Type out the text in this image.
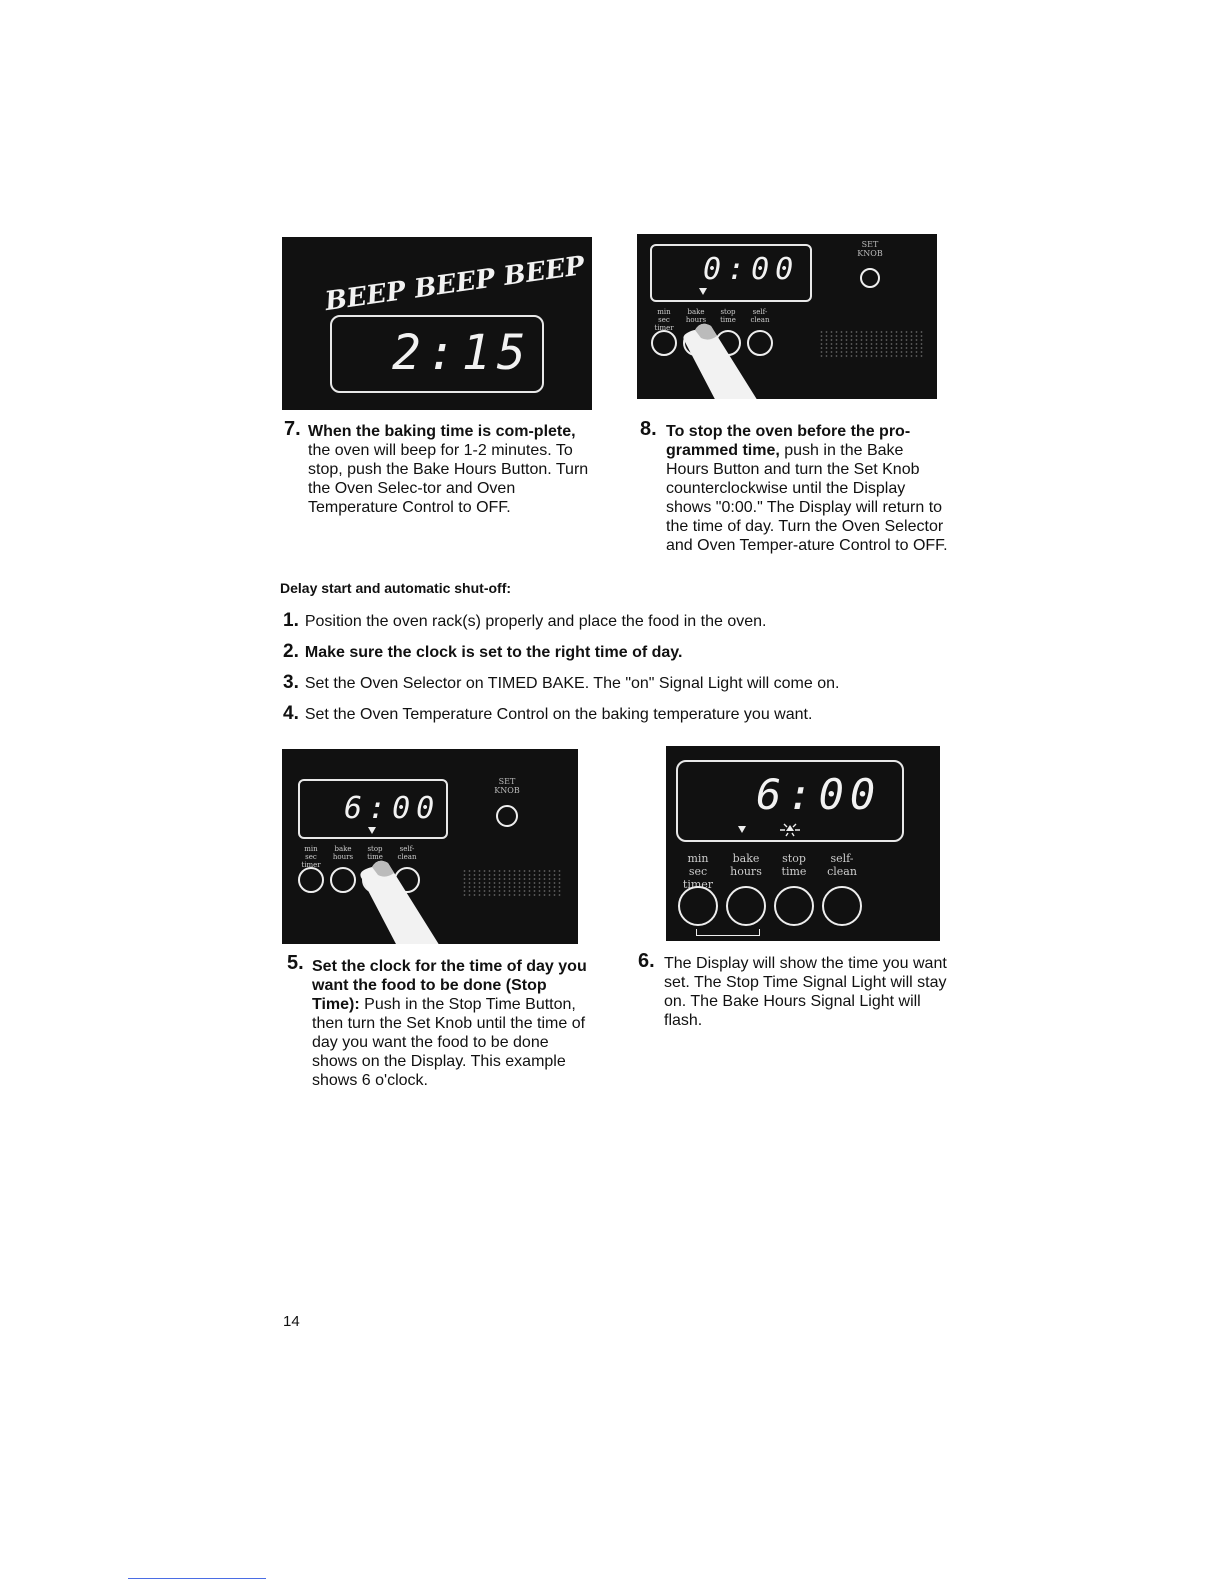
BEEP BEEP BEEP
2:15
0:00
SET KNOB
min sec timer
bake hours
stop time
self-clean
7. When the baking time is com-plete, the oven will beep for 1-2 minutes. To stop, push the Bake Hours Button. Turn the Oven Selec-tor and Oven Temperature Control to OFF.
8. To stop the oven before the pro-grammed time, push in the Bake Hours Button and turn the Set Knob counterclockwise until the Display shows "0:00." The Display will return to the time of day. Turn the Oven Selector and Oven Temper-ature Control to OFF.
Delay start and automatic shut-off:
1. Position the oven rack(s) properly and place the food in the oven.
2. Make sure the clock is set to the right time of day.
3. Set the Oven Selector on TIMED BAKE. The "on" Signal Light will come on.
4. Set the Oven Temperature Control on the baking temperature you want.
6:00
SET KNOB
min sec timer
bake hours
stop time
self-clean
6:00
min sec timer
bake hours
stop time
self-clean
5. Set the clock for the time of day you want the food to be done (Stop Time): Push in the Stop Time Button, then turn the Set Knob until the time of day you want the food to be done shows on the Display. This example shows 6 o'clock.
6. The Display will show the time you want set. The Stop Time Signal Light will stay on. The Bake Hours Signal Light will flash.
14
